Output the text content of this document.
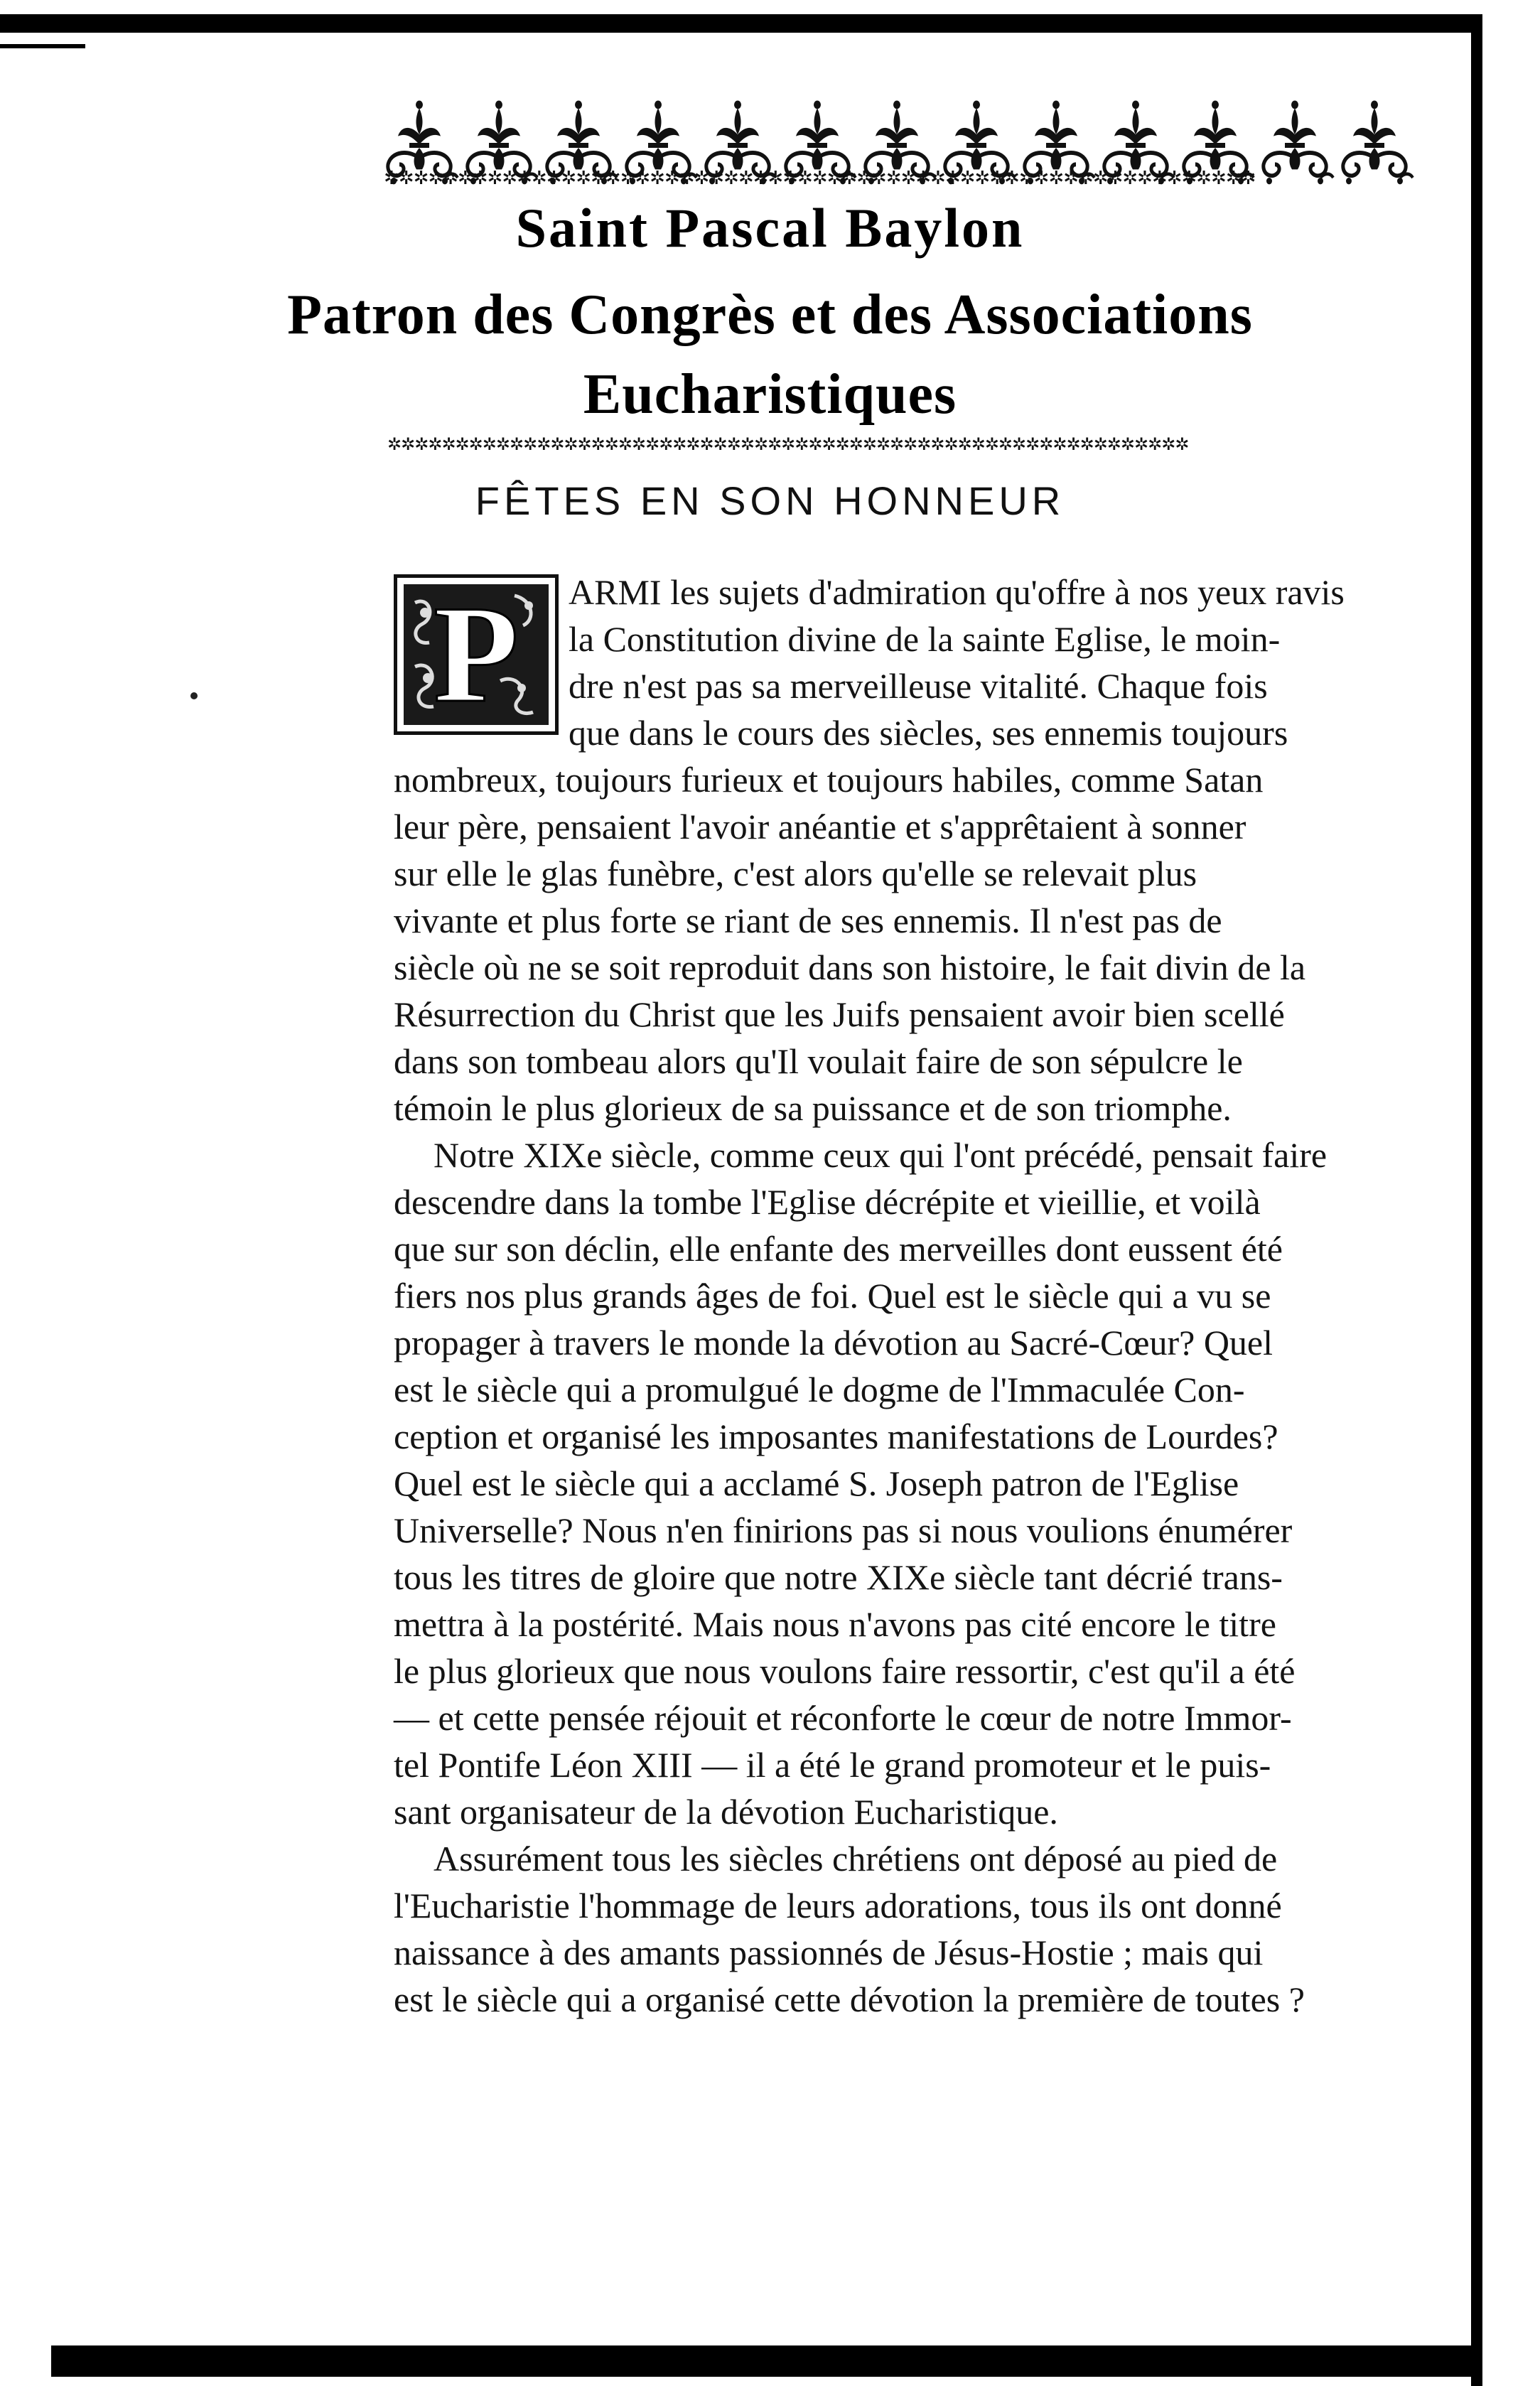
✲✲✲✲✲✲✲✲✲✲✲✲✲✲✲✲✲✲✲✲✲✲✲✲✲✲✲✲✲✲✲✲✲✲✲✲✲✲✲✲✲✲✲✲✲✲✲✲✲✲✲✲✲✲✲✲✲✲✲
Saint Pascal Baylon
Patron des Congrès et des Associations
Eucharistiques
✲✲✲✲✲✲✲✲✲✲✲✲✲✲✲✲✲✲✲✲✲✲✲✲✲✲✲✲✲✲✲✲✲✲✲✲✲✲✲✲✲✲✲✲✲✲✲✲✲✲✲✲✲✲✲✲✲✲✲
FÊTES EN SON HONNEUR
P ARMI les sujets d'admiration qu'offre à nos yeux ravis
la Constitution divine de la sainte Eglise, le moin-
dre n'est pas sa merveilleuse vitalité. Chaque fois
que dans le cours des siècles, ses ennemis toujours
nombreux, toujours furieux et toujours habiles, comme Satan
leur père, pensaient l'avoir anéantie et s'apprêtaient à sonner
sur elle le glas funèbre, c'est alors qu'elle se relevait plus
vivante et plus forte se riant de ses ennemis. Il n'est pas de
siècle où ne se soit reproduit dans son histoire, le fait divin de la
Résurrection du Christ que les Juifs pensaient avoir bien scellé
dans son tombeau alors qu'Il voulait faire de son sépulcre le
témoin le plus glorieux de sa puissance et de son triomphe.
Notre XIXe siècle, comme ceux qui l'ont précédé, pensait faire
descendre dans la tombe l'Eglise décrépite et vieillie, et voilà
que sur son déclin, elle enfante des merveilles dont eussent été
fiers nos plus grands âges de foi. Quel est le siècle qui a vu se
propager à travers le monde la dévotion au Sacré-Cœur? Quel
est le siècle qui a promulgué le dogme de l'Immaculée Con-
ception et organisé les imposantes manifestations de Lourdes?
Quel est le siècle qui a acclamé S. Joseph patron de l'Eglise
Universelle? Nous n'en finirions pas si nous voulions énumérer
tous les titres de gloire que notre XIXe siècle tant décrié trans-
mettra à la postérité. Mais nous n'avons pas cité encore le titre
le plus glorieux que nous voulons faire ressortir, c'est qu'il a été
— et cette pensée réjouit et réconforte le cœur de notre Immor-
tel Pontife Léon XIII — il a été le grand promoteur et le puis-
sant organisateur de la dévotion Eucharistique.
Assurément tous les siècles chrétiens ont déposé au pied de
l'Eucharistie l'hommage de leurs adorations, tous ils ont donné
naissance à des amants passionnés de Jésus-Hostie ; mais qui
est le siècle qui a organisé cette dévotion la première de toutes ?
